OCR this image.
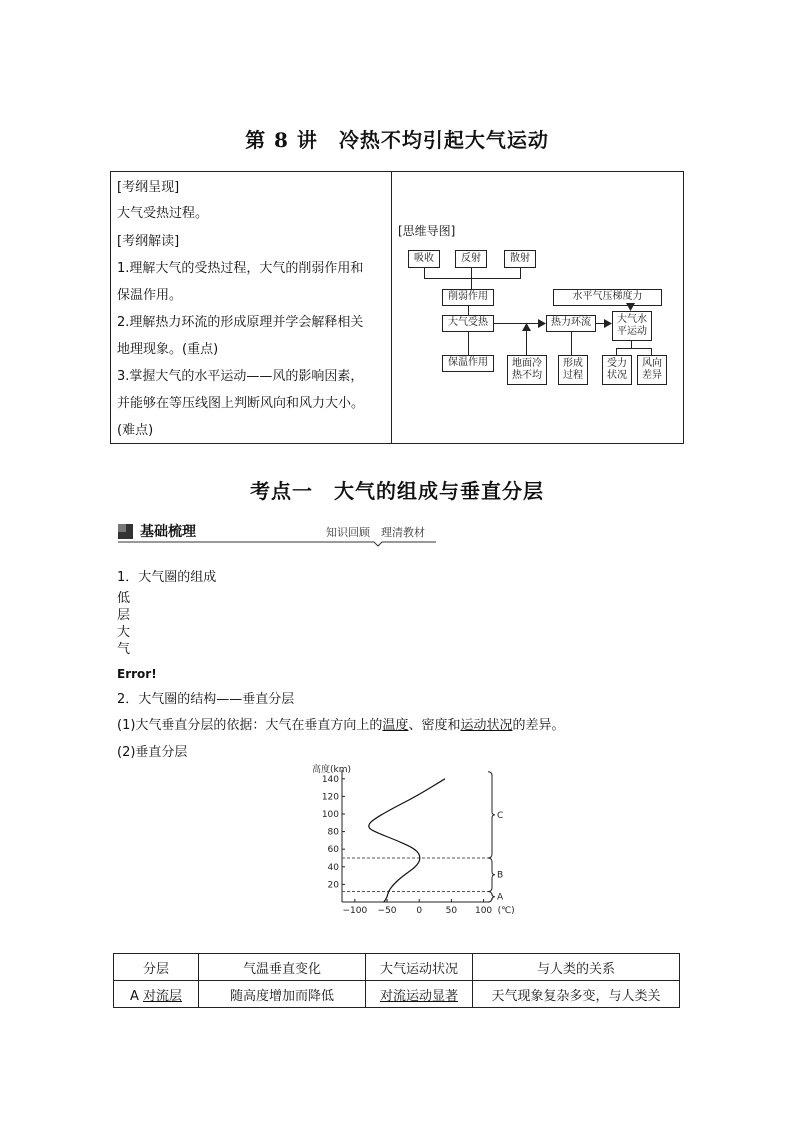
第 8 讲　冷热不均引起大气运动
[考纲呈现]
大气受热过程。
[考纲解读]
1.理解大气的受热过程，大气的削弱作用和
保温作用。
2.理解热力环流的形成原理并学会解释相关
地理现象。(重点)
3.掌握大气的水平运动——风的影响因素，
并能够在等压线图上判断风向和风力大小。
(难点)
[思维导图]
吸收	反射	散射
削弱作用
大气受热
保温作用	地面冷
热不均
热力环流
形成
过程
水平气压梯度力
大气水
平运动
受力
状况
风向
差异
考点一　大气的组成与垂直分层
基础梳理	知识回顾　理清教材
1．大气圈的组成
低
层
大
气
Error!
2．大气圈的结构——垂直分层
(1)大气垂直分层的依据：大气在垂直方向上的温度、密度和运动状况的差异。
(2)垂直分层
高度(km)
20
40
60
80
100
120
140
−100 −50 0	50 100 (℃)
A
B
C
分层	气温垂直变化	大气运动状况	与人类的关系
A 对流层	随高度增加而降低	对流运动显著	天气现象复杂多变，与人类关
